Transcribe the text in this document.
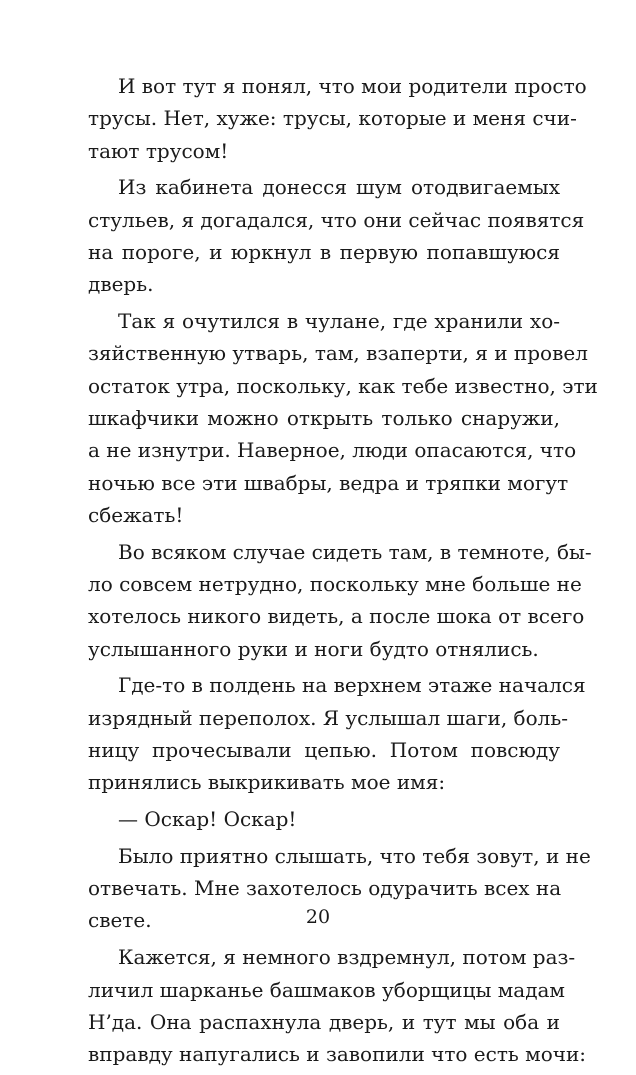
И вот тут я понял, что мои родители просто
трусы. Нет, хуже: трусы, которые и меня счи-
тают трусом!
Из кабинета донесся шум отодвигаемых
стульев, я догадался, что они сейчас появятся
на пороге, и юркнул в первую попавшуюся
дверь.
Так я очутился в чулане, где хранили хо-
зяйственную утварь, там, взаперти, я и провел
остаток утра, поскольку, как тебе известно, эти
шкафчики можно открыть только снаружи,
а не изнутри. Наверное, люди опасаются, что
ночью все эти швабры, ведра и тряпки могут
сбежать!
Во всяком случае сидеть там, в темноте, бы-
ло совсем нетрудно, поскольку мне больше не
хотелось никого видеть, а после шока от всего
услышанного руки и ноги будто отнялись.
Где-то в полдень на верхнем этаже начался
изрядный переполох. Я услышал шаги, боль-
ницу прочесывали цепью. Потом повсюду
принялись выкрикивать мое имя:
— Оскар! Оскар!
Было приятно слышать, что тебя зовут, и не
отвечать. Мне захотелось одурачить всех на
свете.
Кажется, я немного вздремнул, потом раз-
личил шарканье башмаков уборщицы мадам
Н’да. Она распахнула дверь, и тут мы оба и
вправду напугались и завопили что есть мочи:
20
